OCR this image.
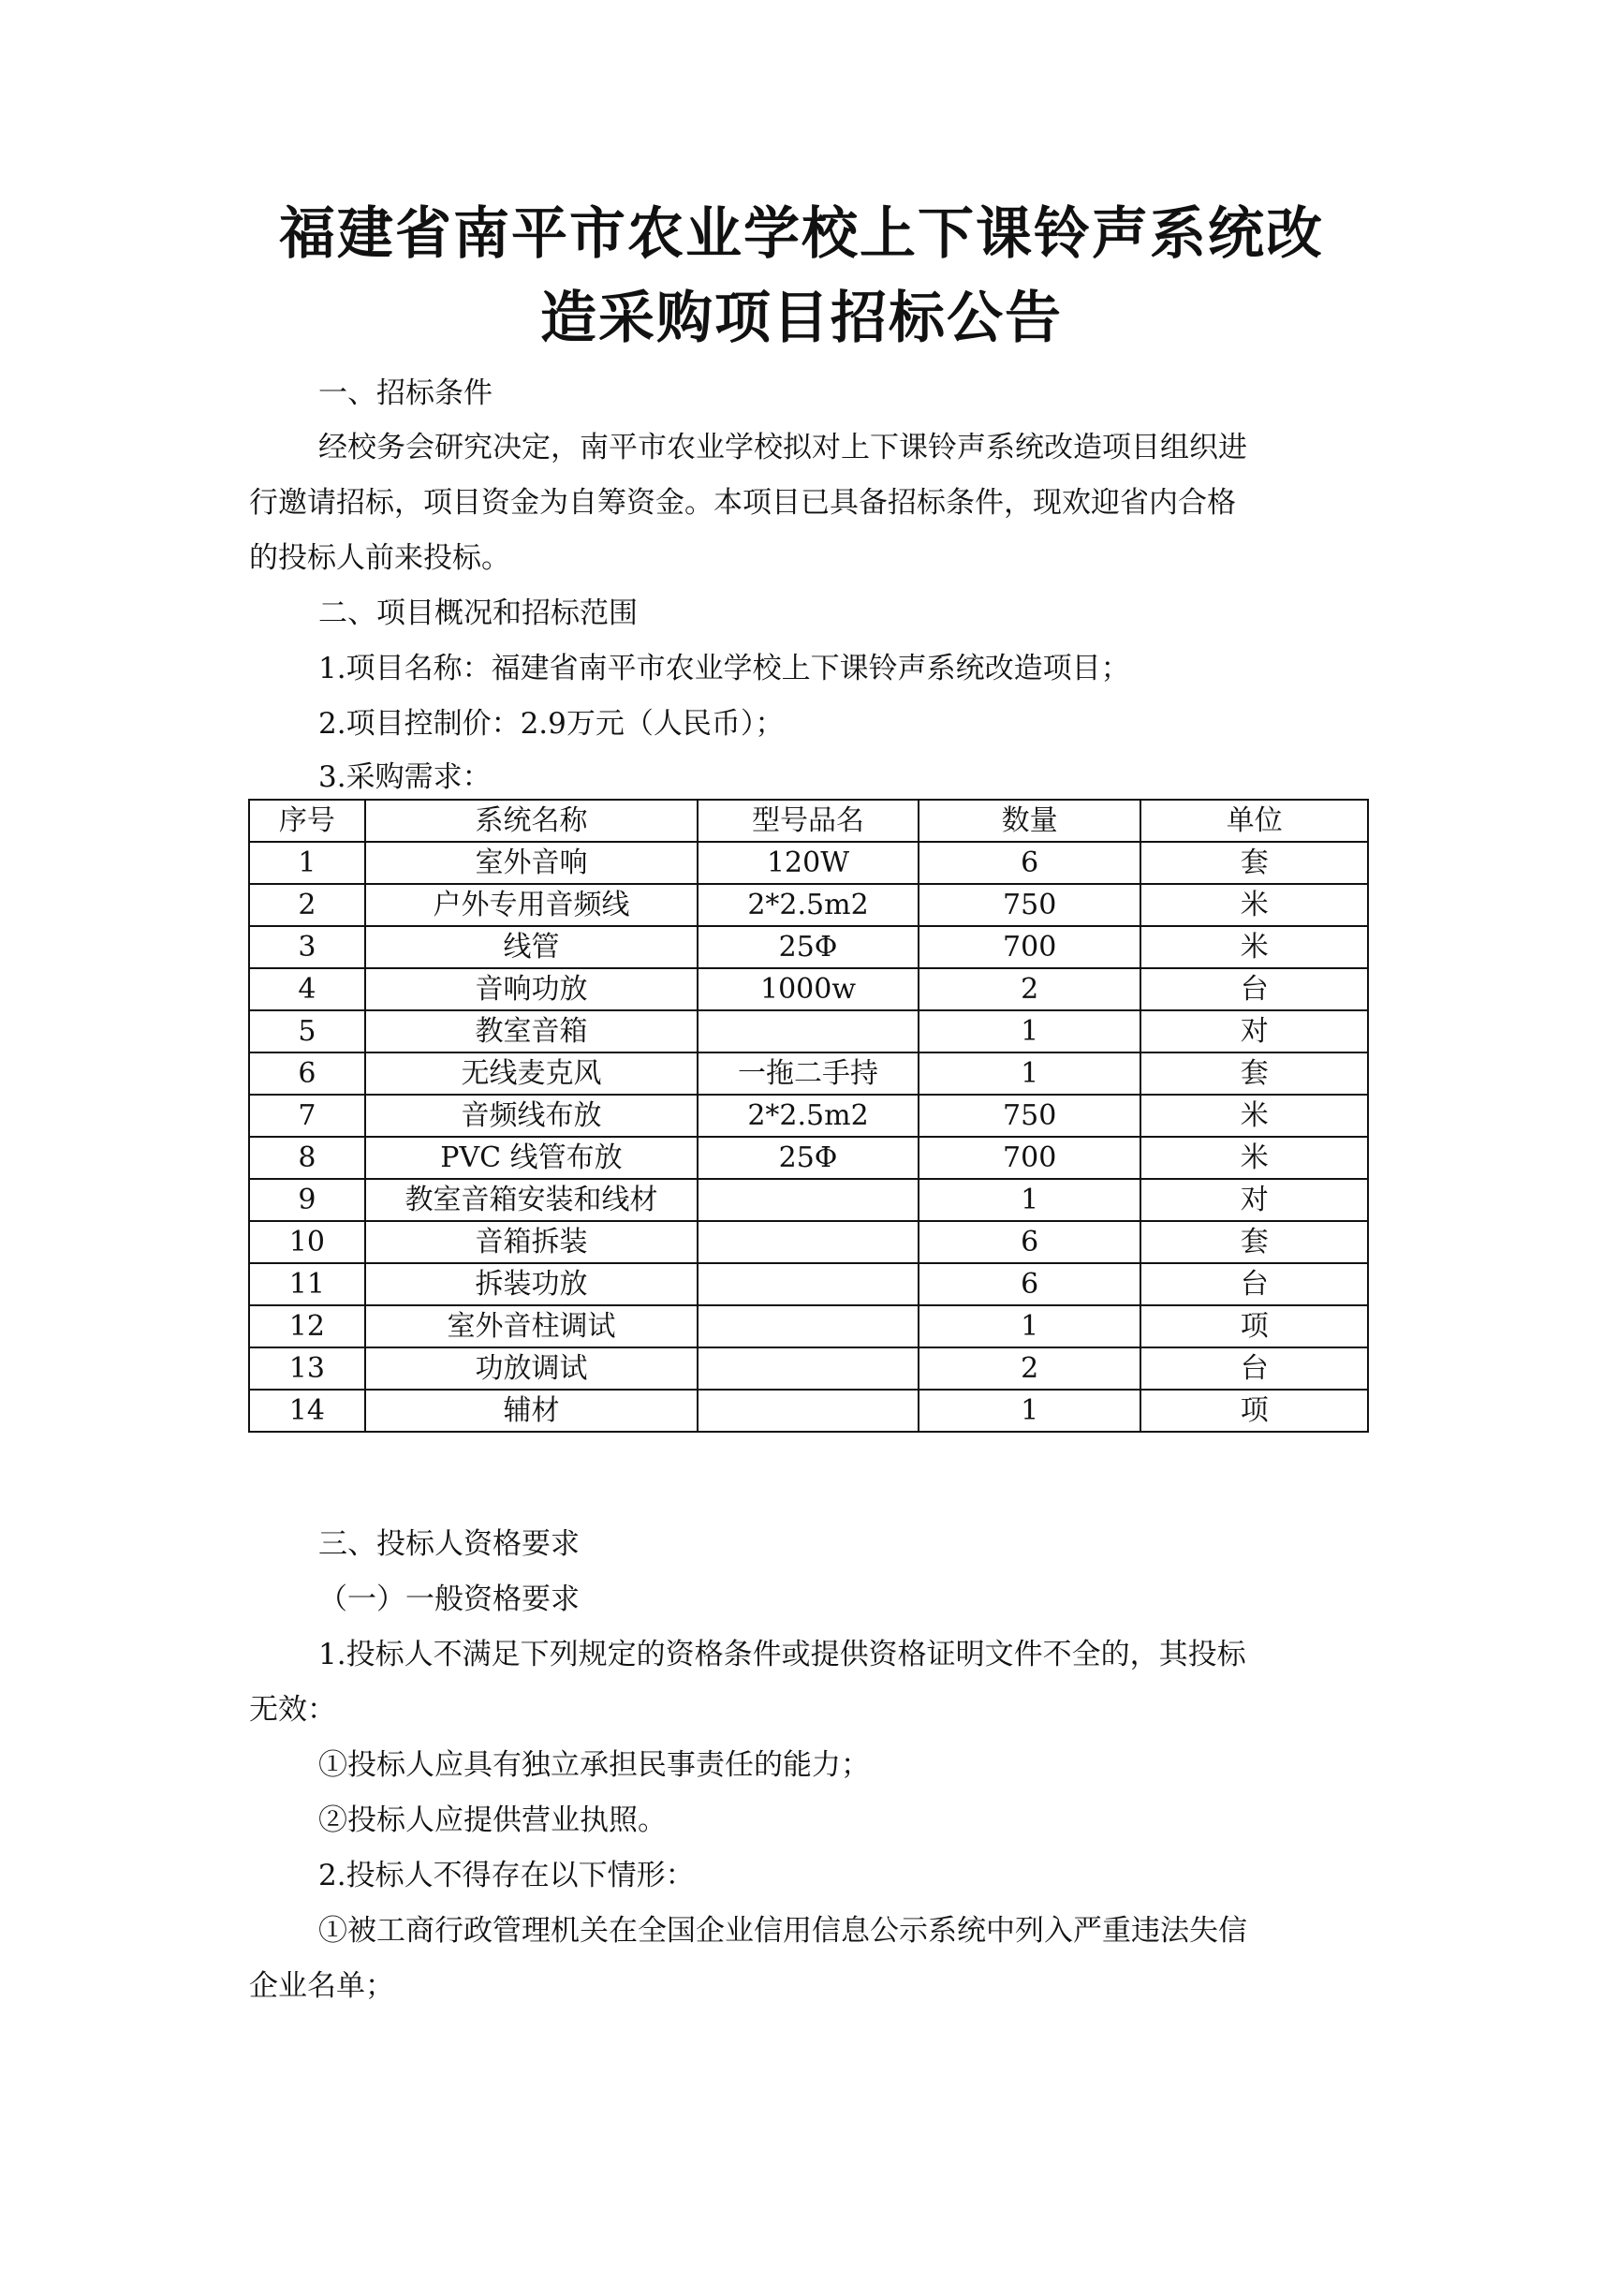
福建省南平市农业学校上下课铃声系统改
造采购项目招标公告
一、招标条件
经校务会研究决定，南平市农业学校拟对上下课铃声系统改造项目组织进
行邀请招标，项目资金为自筹资金。本项目已具备招标条件，现欢迎省内合格
的投标人前来投标。
二、项目概况和招标范围
1.项目名称：福建省南平市农业学校上下课铃声系统改造项目；
2.项目控制价：2.9万元（人民币）；
3.采购需求：
序号	系统名称	型号品名	数量	单位
1	室外音响	120W	6	套
2	户外专用音频线	2*2.5m2	750	米
3	线管	25Φ	700	米
4	音响功放	1000w	2	台
5	教室音箱		1	对
6	无线麦克风	一拖二手持	1	套
7	音频线布放	2*2.5m2	750	米
8	PVC 线管布放	25Φ	700	米
9	教室音箱安装和线材		1	对
10	音箱拆装		6	套
11	拆装功放		6	台
12	室外音柱调试		1	项
13	功放调试		2	台
14	辅材		1	项
三、投标人资格要求
（一）一般资格要求
1.投标人不满足下列规定的资格条件或提供资格证明文件不全的，其投标
无效：
①投标人应具有独立承担民事责任的能力；
②投标人应提供营业执照。
2.投标人不得存在以下情形：
①被工商行政管理机关在全国企业信用信息公示系统中列入严重违法失信
企业名单；
